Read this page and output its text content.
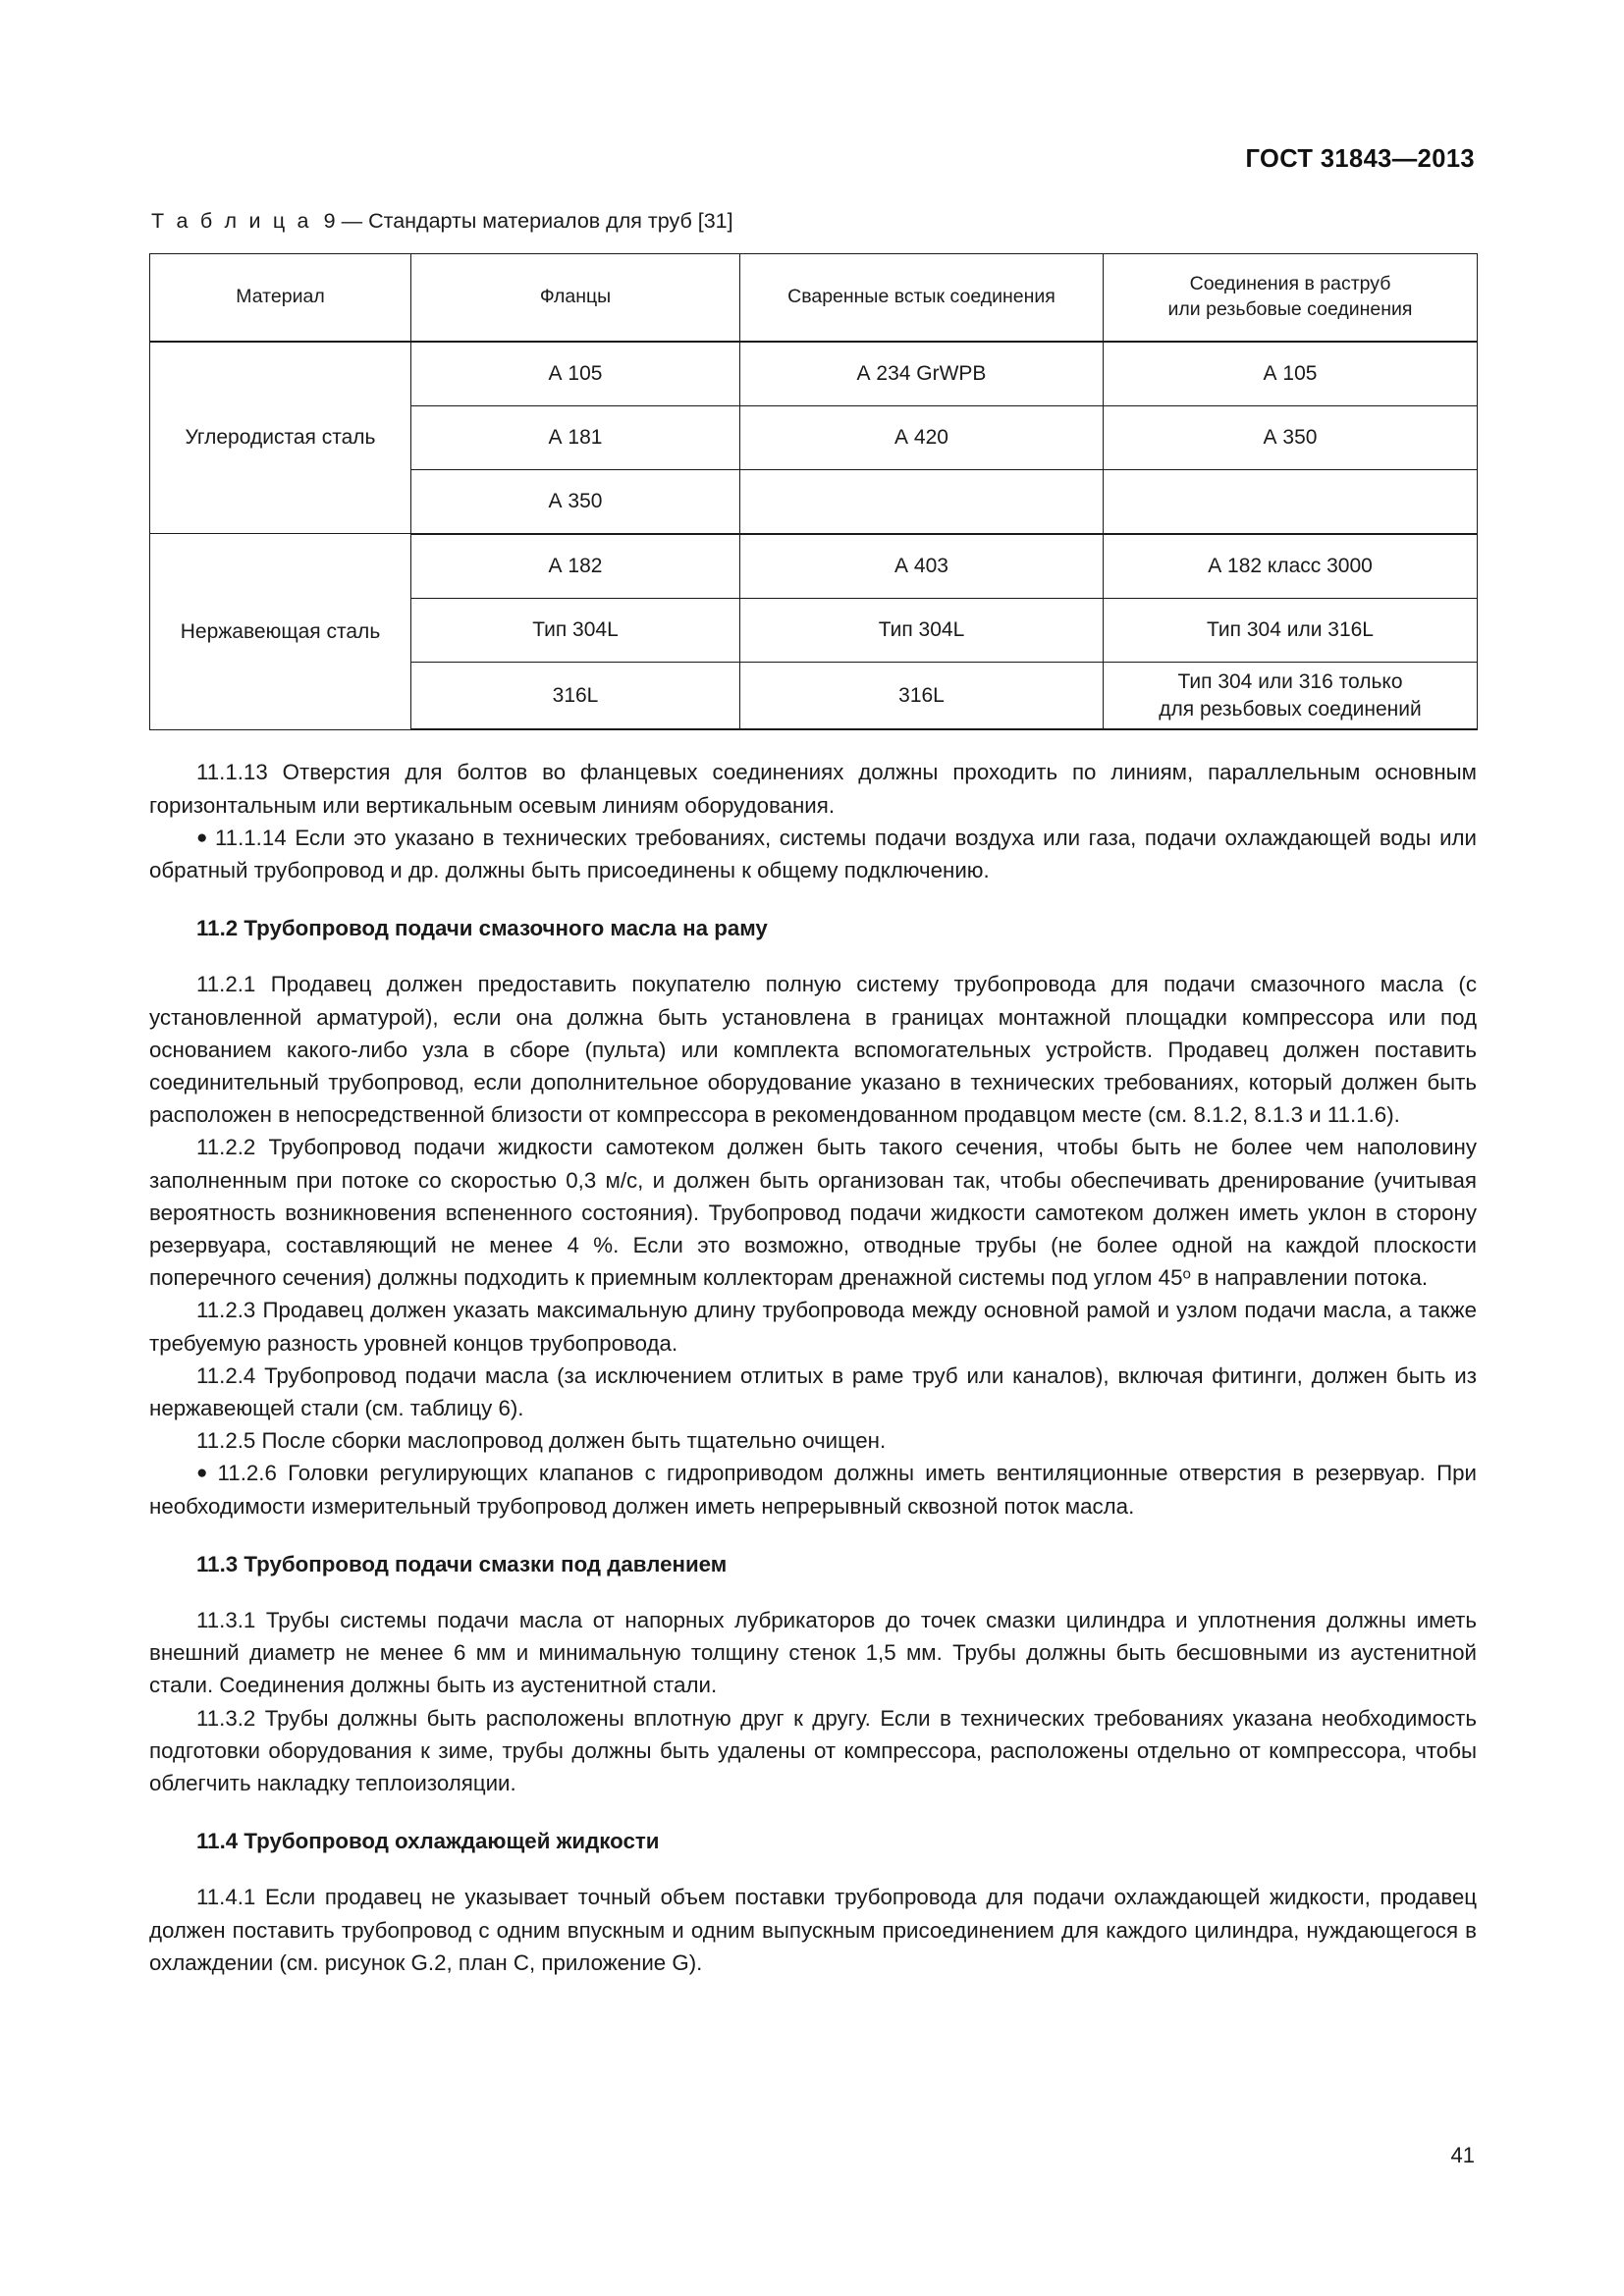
ГОСТ 31843—2013

Т а б л и ц а 9 — Стандарты материалов для труб [31]

Материал	Фланцы	Сваренные встык соединения	Соединения в раструб
или резьбовые соединения
Углеродистая сталь	А 105	А 234 GrWPB	А 105
	А 181	А 420	А 350
	А 350		
Нержавеющая сталь	А 182	А 403	А 182 класс 3000
	Тип 304L	Тип 304L	Тип 304 или 316L
	316L	316L	Тип 304 или 316 только
для резьбовых соединений

11.1.13 Отверстия для болтов во фланцевых соединениях должны проходить по линиям, параллельным основным горизонтальным или вертикальным осевым линиям оборудования.

● 11.1.14 Если это указано в технических требованиях, системы подачи воздуха или газа, подачи охлаждающей воды или обратный трубопровод и др. должны быть присоединены к общему подключению.

11.2 Трубопровод подачи смазочного масла на раму

11.2.1 Продавец должен предоставить покупателю полную систему трубопровода для подачи смазочного масла (с установленной арматурой), если она должна быть установлена в границах монтажной площадки компрессора или под основанием какого-либо узла в сборе (пульта) или комплекта вспомогательных устройств. Продавец должен поставить соединительный трубопровод, если дополнительное оборудование указано в технических требованиях, который должен быть расположен в непосредственной близости от компрессора в рекомендованном продавцом месте (см. 8.1.2, 8.1.3 и 11.1.6).

11.2.2 Трубопровод подачи жидкости самотеком должен быть такого сечения, чтобы быть не более чем наполовину заполненным при потоке со скоростью 0,3 м/с, и должен быть организован так, чтобы обеспечивать дренирование (учитывая вероятность возникновения вспененного состояния). Трубопровод подачи жидкости самотеком должен иметь уклон в сторону резервуара, составляющий не менее 4 %. Если это возможно, отводные трубы (не более одной на каждой плоскости поперечного сечения) должны подходить к приемным коллекторам дренажной системы под углом 45$^o$ в направлении потока.

11.2.3 Продавец должен указать максимальную длину трубопровода между основной рамой и узлом подачи масла, а также требуемую разность уровней концов трубопровода.

11.2.4 Трубопровод подачи масла (за исключением отлитых в раме труб или каналов), включая фитинги, должен быть из нержавеющей стали (см. таблицу 6).

11.2.5 После сборки маслопровод должен быть тщательно очищен.

● 11.2.6 Головки регулирующих клапанов с гидроприводом должны иметь вентиляционные отверстия в резервуар. При необходимости измерительный трубопровод должен иметь непрерывный сквозной поток масла.

11.3 Трубопровод подачи смазки под давлением

11.3.1 Трубы системы подачи масла от напорных лубрикаторов до точек смазки цилиндра и уплотнения должны иметь внешний диаметр не менее 6 мм и минимальную толщину стенок 1,5 мм. Трубы должны быть бесшовными из аустенитной стали. Соединения должны быть из аустенитной стали.

11.3.2 Трубы должны быть расположены вплотную друг к другу. Если в технических требованиях указана необходимость подготовки оборудования к зиме, трубы должны быть удалены от компрессора, расположены отдельно от компрессора, чтобы облегчить накладку теплоизоляции.

11.4 Трубопровод охлаждающей жидкости

11.4.1 Если продавец не указывает точный объем поставки трубопровода для подачи охлаждающей жидкости, продавец должен поставить трубопровод с одним впускным и одним выпускным присоединением для каждого цилиндра, нуждающегося в охлаждении (см. рисунок G.2, план C, приложение G).

41
